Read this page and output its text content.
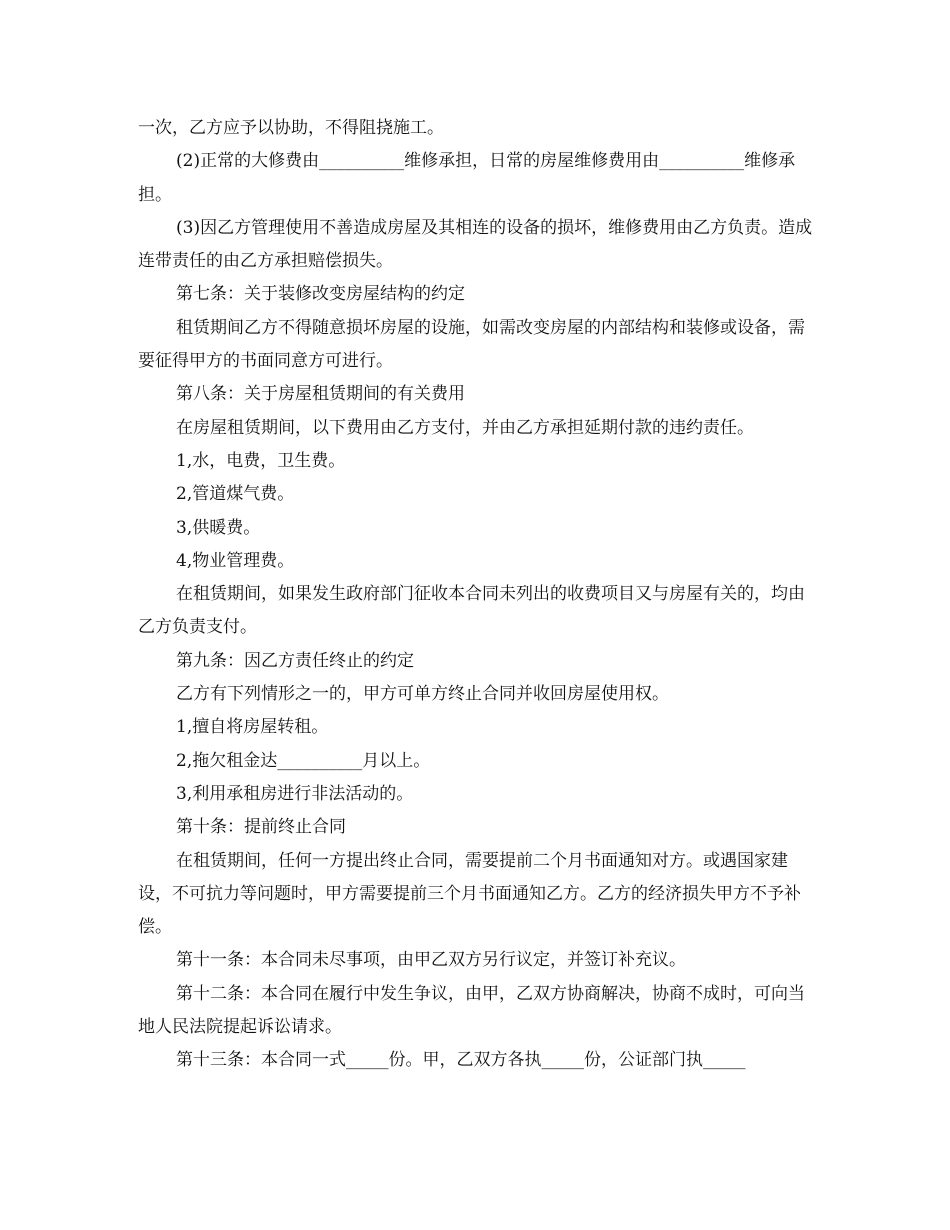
一次，乙方应予以协助，不得阻挠施工。

(2)正常的大修费由__________维修承担，日常的房屋维修费用由__________维修承担。

(3)因乙方管理使用不善造成房屋及其相连的设备的损坏，维修费用由乙方负责。造成连带责任的由乙方承担赔偿损失。

第七条：关于装修改变房屋结构的约定

租赁期间乙方不得随意损坏房屋的设施，如需改变房屋的内部结构和装修或设备，需要征得甲方的书面同意方可进行。

第八条：关于房屋租赁期间的有关费用

在房屋租赁期间，以下费用由乙方支付，并由乙方承担延期付款的违约责任。

1,水，电费，卫生费。

2,管道煤气费。

3,供暖费。

4,物业管理费。

在租赁期间，如果发生政府部门征收本合同未列出的收费项目又与房屋有关的，均由乙方负责支付。

第九条：因乙方责任终止的约定

乙方有下列情形之一的，甲方可单方终止合同并收回房屋使用权。

1,擅自将房屋转租。

2,拖欠租金达__________月以上。

3,利用承租房进行非法活动的。

第十条：提前终止合同

在租赁期间，任何一方提出终止合同，需要提前二个月书面通知对方。或遇国家建设，不可抗力等问题时，甲方需要提前三个月书面通知乙方。乙方的经济损失甲方不予补偿。

第十一条：本合同未尽事项，由甲乙双方另行议定，并签订补充议。

第十二条：本合同在履行中发生争议，由甲，乙双方协商解决，协商不成时，可向当地人民法院提起诉讼请求。

第十三条：本合同一式_____份。甲，乙双方各执_____份，公证部门执_____
